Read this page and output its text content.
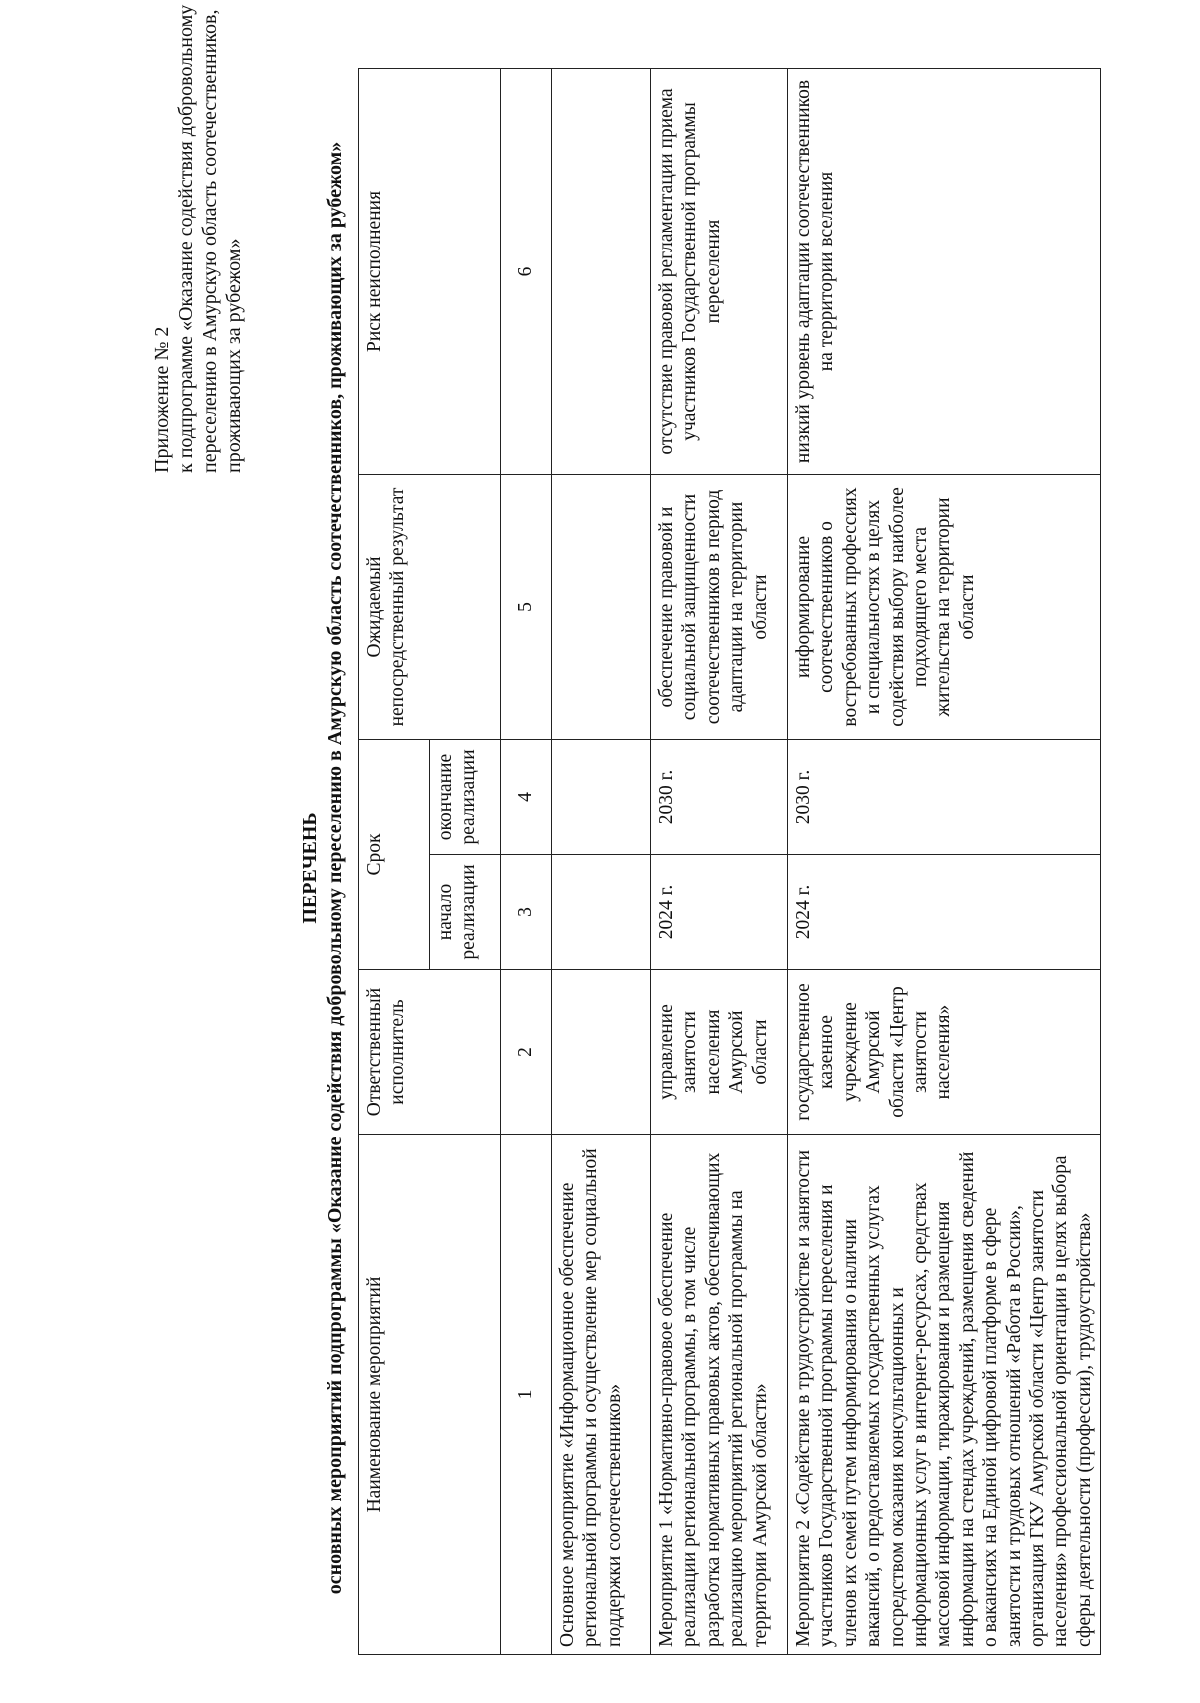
Приложение № 2 к подпрограмме «Оказание содействия добровольному переселению в Амурскую область соотечественников, проживающих за рубежом»
ПЕРЕЧЕНЬ основных мероприятий подпрограммы «Оказание содействия добровольному переселению в Амурскую область соотечественников, проживающих за рубежом» Наименование мероприятий	Ответственный исполнитель	Срок		Ожидаемый непосредственный результат	Риск неисполнения
		начало реализации	окончание реализации		
1	2	3	4	5	6
Основное мероприятие «Информационное обеспечение региональной программы и осуществление мер социальной поддержки соотечественников»					
Мероприятие 1 «Нормативно-правовое обеспечение реализации региональной программы, в том числе разработка нормативных правовых актов, обеспечивающих реализацию мероприятий региональной программы на территории Амурской области»	управление занятости населения Амурской области	2024 г.	2030 г.	обеспечение правовой и социальной защищенности соотечественников в период адаптации на территории области	отсутствие правовой регламентации приема участников Государственной программы переселения
Мероприятие 2 «Содействие в трудоустройстве и занятости участников Государственной программы переселения и членов их семей путем информирования о наличии вакансий, о предоставляемых государственных услугах посредством оказания консультационных и информационных услуг в интернет-ресурсах, средствах массовой информации, тиражирования и размещения информации на стендах учреждений, размещения сведений о вакансиях на Единой цифровой платформе в сфере занятости и трудовых отношений «Работа в России», организация ГКУ Амурской области «Центр занятости населения» профессиональной ориентации в целях выбора сферы деятельности (профессии), трудоустройства»	государственное казенное учреждение Амурской области «Центр занятости населения»	2024 г.	2030 г.	информирование соотечественников о востребованных профессиях и специальностях в целях содействия выбору наиболее подходящего места жительства на территории области	низкий уровень адаптации соотечественников на территории вселения
